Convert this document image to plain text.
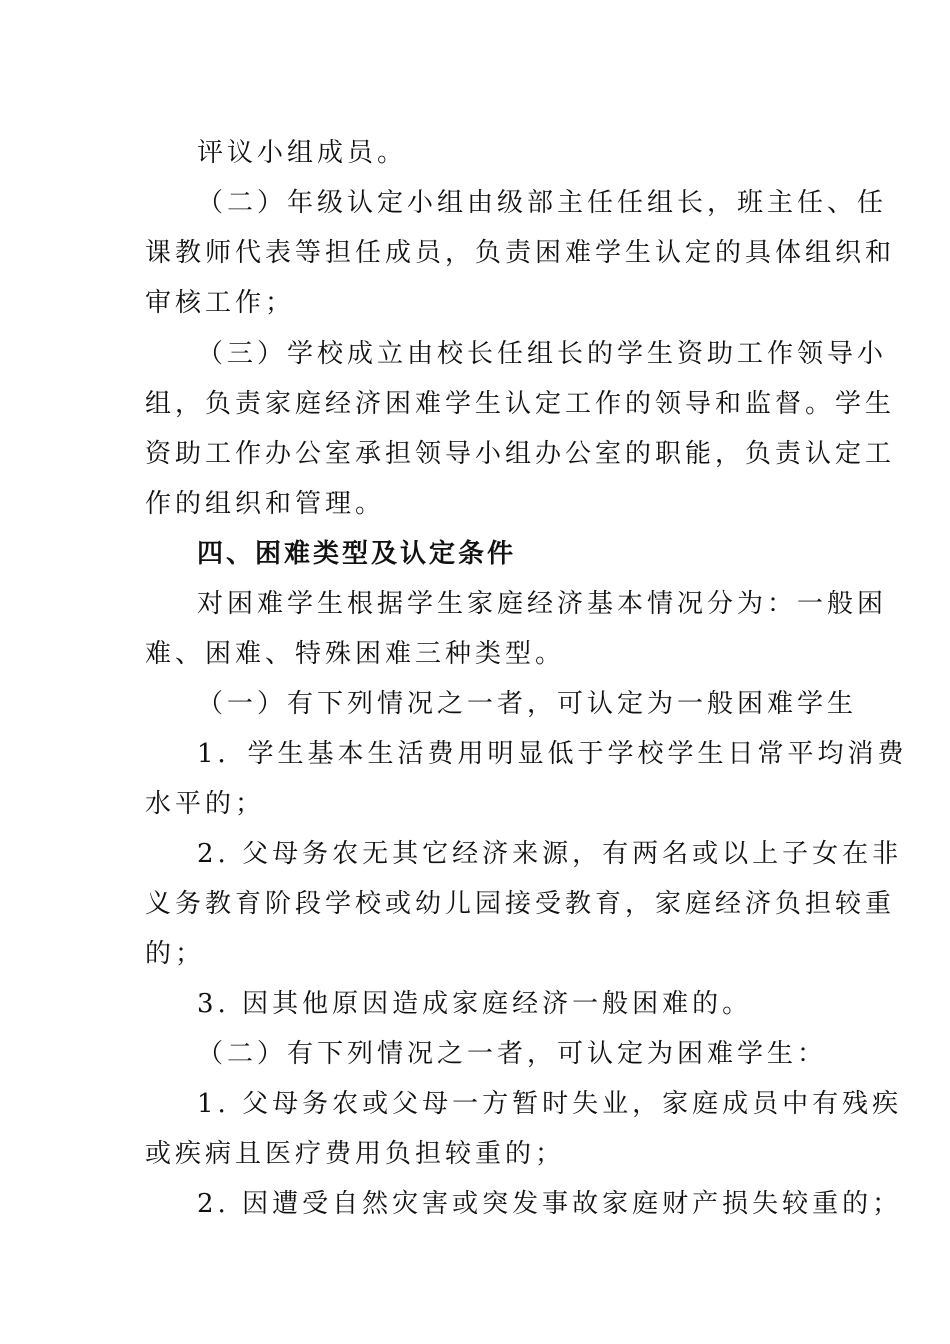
评议小组成员。
（二）年级认定小组由级部主任任组长，班主任、任
课教师代表等担任成员，负责困难学生认定的具体组织和
审核工作；
（三）学校成立由校长任组长的学生资助工作领导小
组，负责家庭经济困难学生认定工作的领导和监督。学生
资助工作办公室承担领导小组办公室的职能，负责认定工
作的组织和管理。
四、困难类型及认定条件
对困难学生根据学生家庭经济基本情况分为：一般困
难、困难、特殊困难三种类型。
（一）有下列情况之一者，可认定为一般困难学生
1．学生基本生活费用明显低于学校学生日常平均消费
水平的；
2. 父母务农无其它经济来源，有两名或以上子女在非
义务教育阶段学校或幼儿园接受教育，家庭经济负担较重
的；
3. 因其他原因造成家庭经济一般困难的。
（二）有下列情况之一者，可认定为困难学生：
1. 父母务农或父母一方暂时失业，家庭成员中有残疾
或疾病且医疗费用负担较重的；
2. 因遭受自然灾害或突发事故家庭财产损失较重的；
